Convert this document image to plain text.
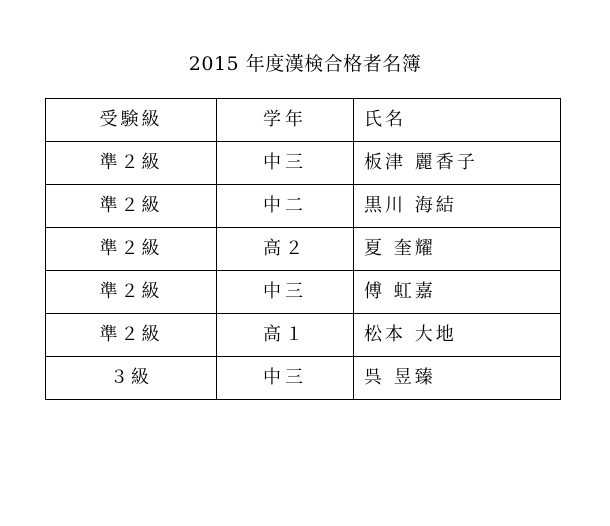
2015 年度漢検合格者名簿
受験級	学年	氏名
準２級	中三	板津 麗香子
準２級	中二	黒川 海結
準２級	高２	夏 奎耀
準２級	中三	傅 虹嘉
準２級	高１	松本 大地
３級	中三	呉 昱臻
